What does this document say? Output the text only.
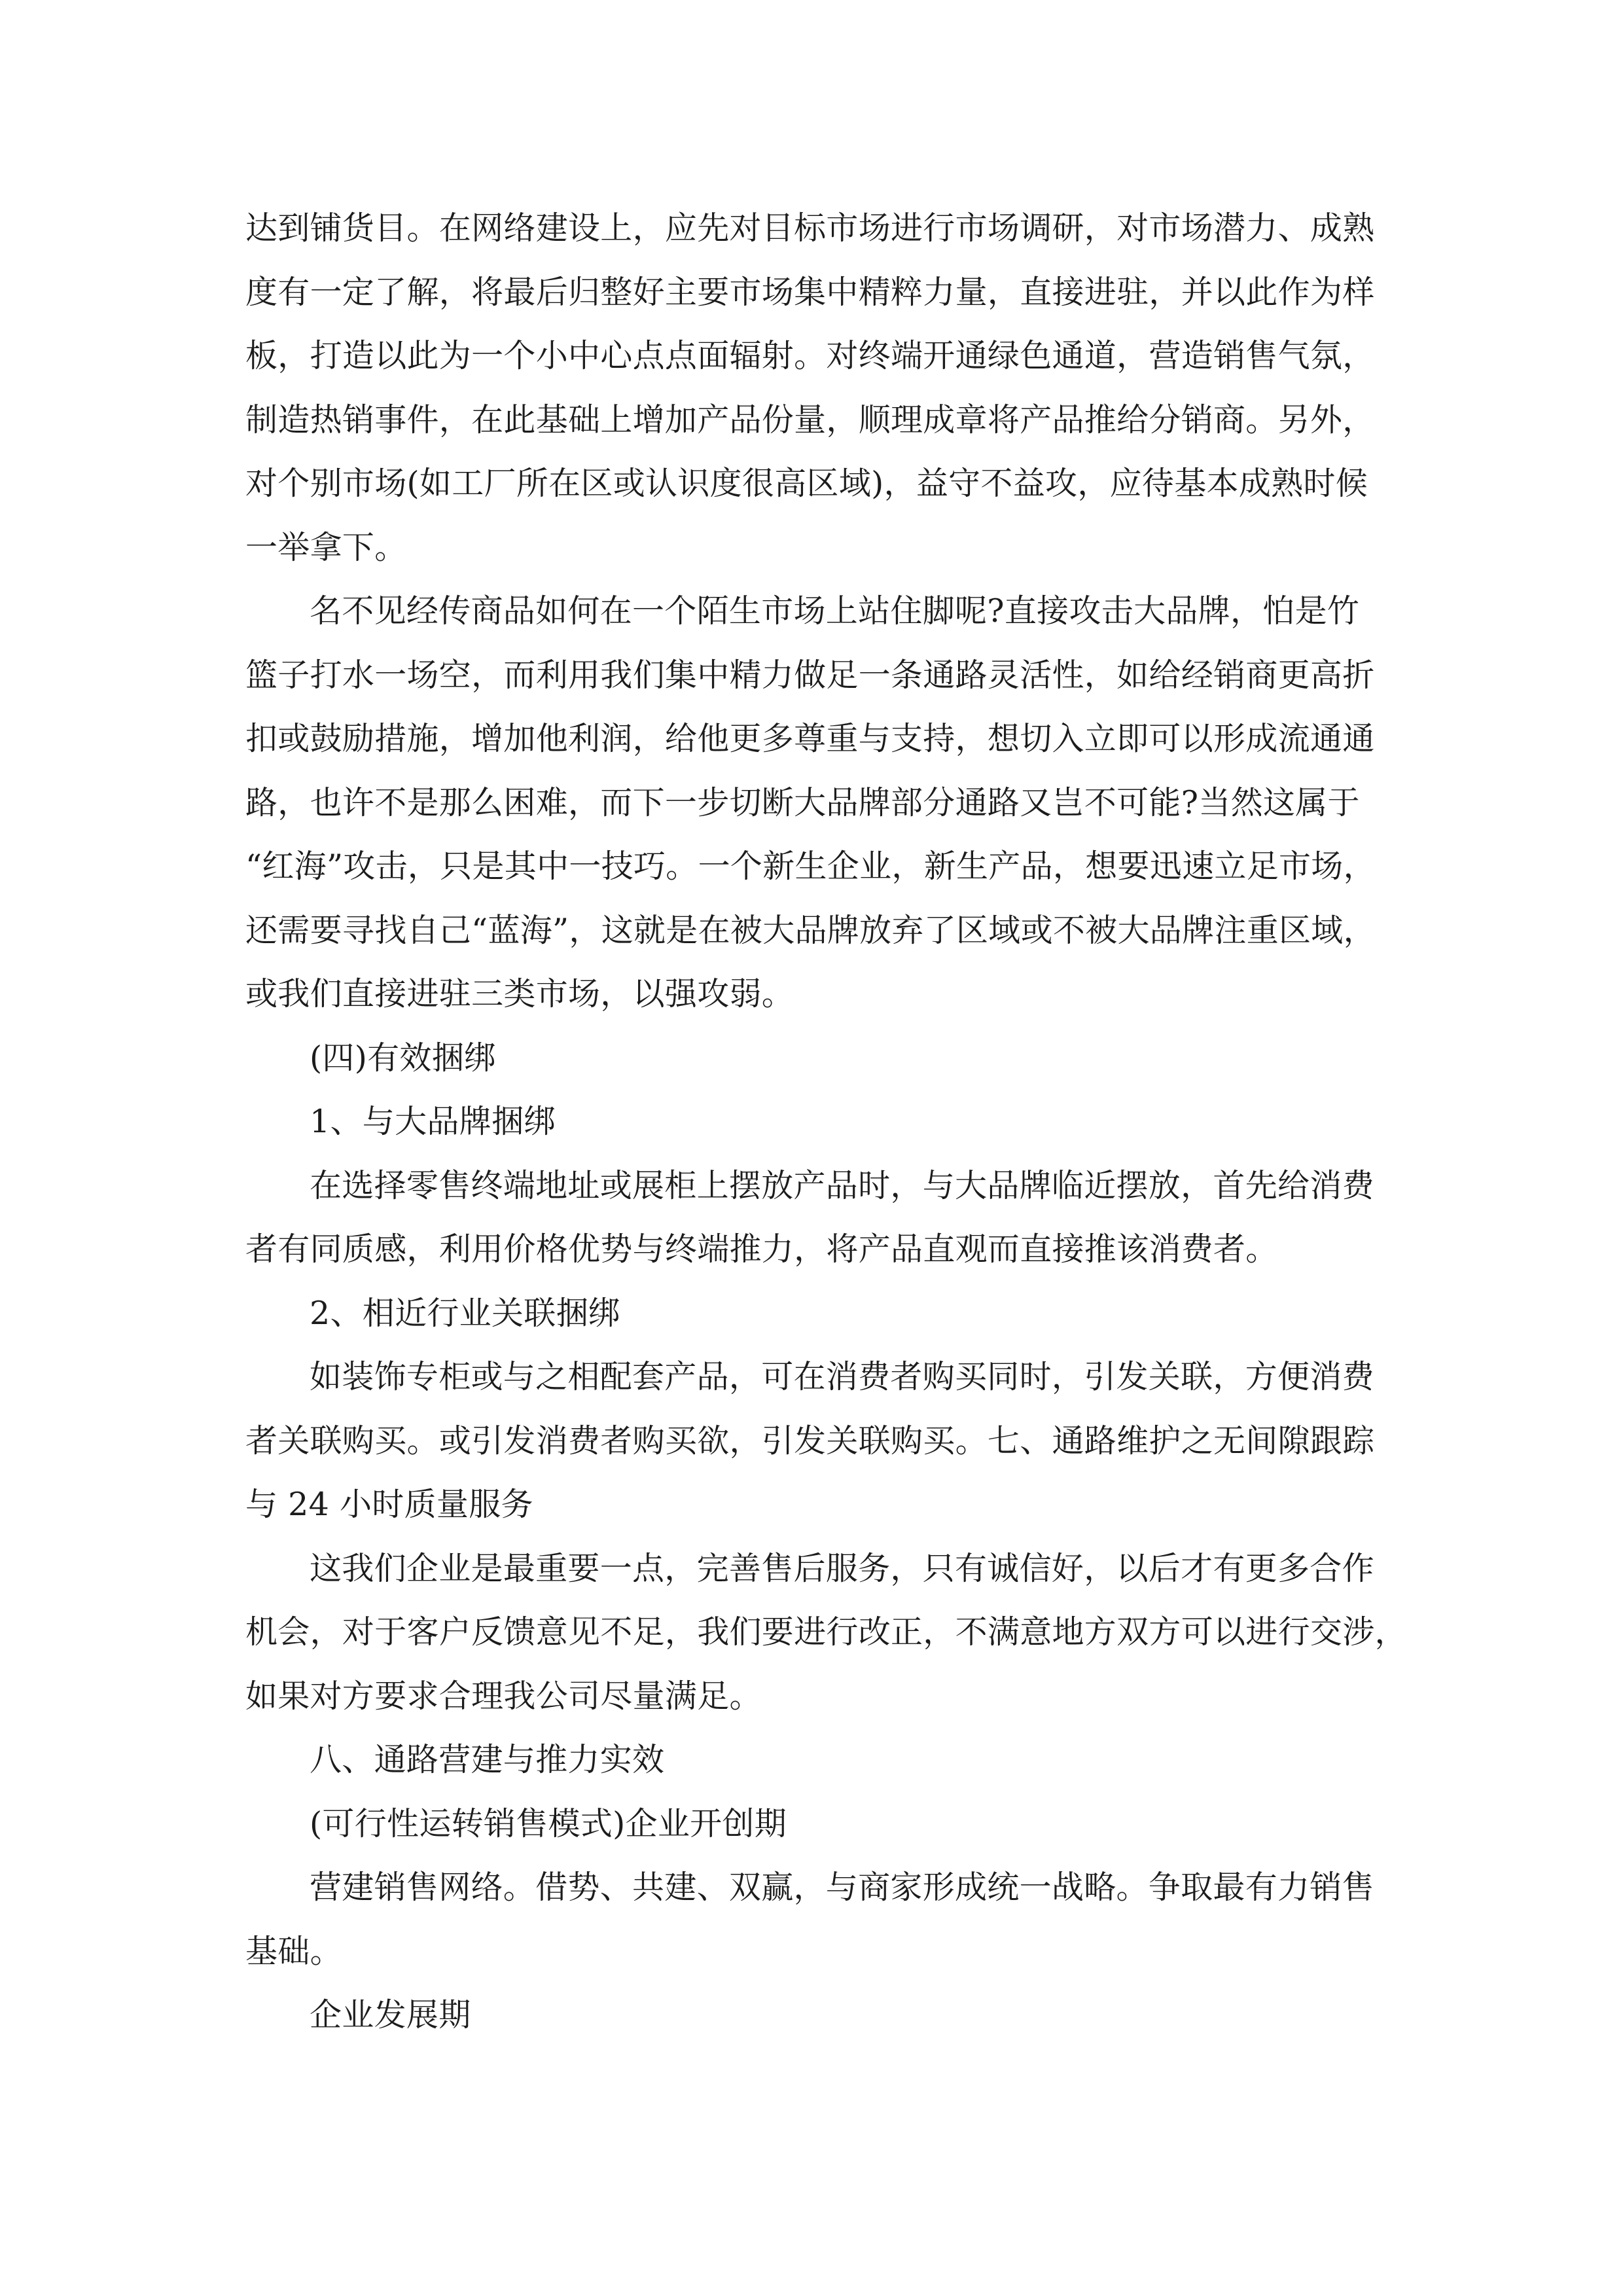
达到铺货目。在网络建设上，应先对目标市场进行市场调研，对市场潜力、成熟
度有一定了解，将最后归整好主要市场集中精粹力量，直接进驻，并以此作为样
板，打造以此为一个小中心点点面辐射。对终端开通绿色通道，营造销售气氛，
制造热销事件，在此基础上增加产品份量，顺理成章将产品推给分销商。另外，
对个别市场(如工厂所在区或认识度很高区域)，益守不益攻，应待基本成熟时候
一举拿下。

名不见经传商品如何在一个陌生市场上站住脚呢?直接攻击大品牌，怕是竹
篮子打水一场空，而利用我们集中精力做足一条通路灵活性，如给经销商更高折
扣或鼓励措施，增加他利润，给他更多尊重与支持，想切入立即可以形成流通通
路，也许不是那么困难，而下一步切断大品牌部分通路又岂不可能?当然这属于
“红海”攻击，只是其中一技巧。一个新生企业，新生产品，想要迅速立足市场，
还需要寻找自己“蓝海”，这就是在被大品牌放弃了区域或不被大品牌注重区域，
或我们直接进驻三类市场，以强攻弱。

(四)有效捆绑

1、与大品牌捆绑

在选择零售终端地址或展柜上摆放产品时，与大品牌临近摆放，首先给消费
者有同质感，利用价格优势与终端推力，将产品直观而直接推该消费者。

2、相近行业关联捆绑

如装饰专柜或与之相配套产品，可在消费者购买同时，引发关联，方便消费
者关联购买。或引发消费者购买欲，引发关联购买。七、通路维护之无间隙跟踪
与 24 小时质量服务

这我们企业是最重要一点，完善售后服务，只有诚信好，以后才有更多合作
机会，对于客户反馈意见不足，我们要进行改正，不满意地方双方可以进行交涉，
如果对方要求合理我公司尽量满足。

八、通路营建与推力实效

(可行性运转销售模式)企业开创期

营建销售网络。借势、共建、双赢，与商家形成统一战略。争取最有力销售
基础。

企业发展期
